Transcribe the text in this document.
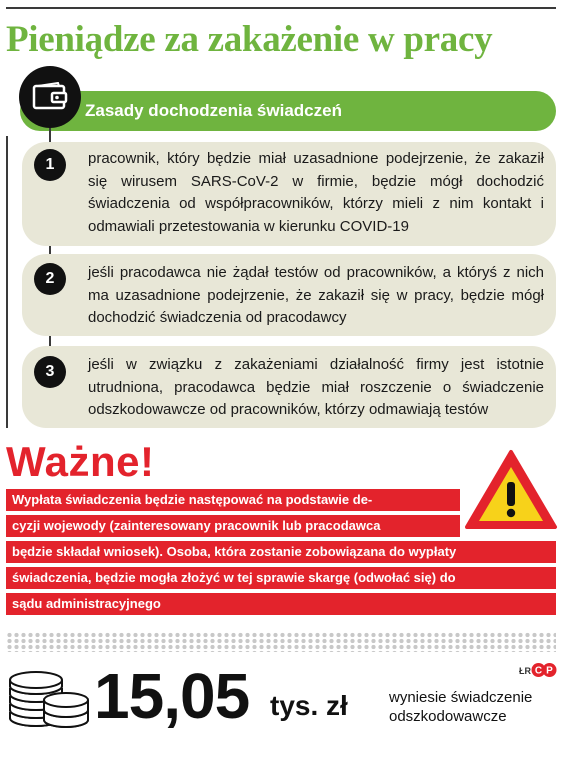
Pieniądze za zakażenie w pracy
Zasady dochodzenia świadczeń
1	pracownik, który będzie miał uzasadnione podejrzenie, że zakaził się wirusem SARS-CoV-2 w firmie, będzie mógł dochodzić świadczenia od współpracowników, którzy mieli z nim kontakt i odmawiali przetestowania w kierunku COVID-19

2	jeśli pracodawca nie żądał testów od pracowników, a któryś z nich ma uzasadnione podejrzenie, że zakaził się w pracy, będzie mógł dochodzić świadczenia od pracodawcy

3	jeśli w związku z zakażeniami działalność firmy jest istotnie utrudniona, pracodawca będzie miał roszczenie o świadczenie odszkodowawcze od pracowników, którzy odmawiają testów

Ważne!
Wypłata świadczenia będzie następować na podstawie de-
cyzji wojewody (zainteresowany pracownik lub pracodawca
będzie składał wniosek). Osoba, która zostanie zobowiązana do wypłaty
świadczenia, będzie mogła złożyć w tej sprawie skargę (odwołać się) do
sądu administracyjnego
15,05 tys. zł	wyniesie świadczenie
odszkodowawcze
ŁR C P
